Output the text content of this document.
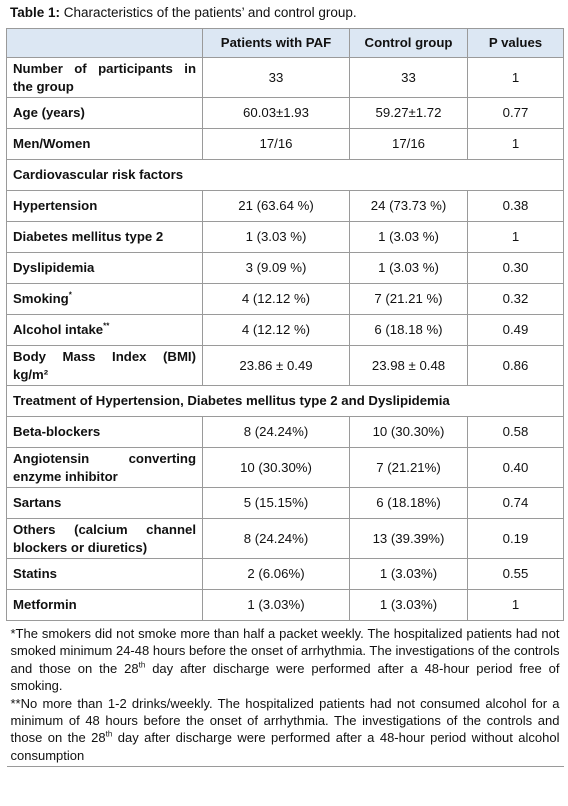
Table 1: Characteristics of the patients’ and control group.
	Patients with PAF	Control group	P values
Number of participants in the group	33	33	1
Age (years)	60.03±1.93	59.27±1.72	0.77
Men/Women	17/16	17/16	1
Cardiovascular risk factors			
Hypertension	21 (63.64 %)	24 (73.73 %)	0.38
Diabetes mellitus type 2	1 (3.03 %)	1 (3.03 %)	1
Dyslipidemia	3 (9.09 %)	1 (3.03 %)	0.30
Smoking*	4 (12.12 %)	7 (21.21 %)	0.32
Alcohol intake**	4 (12.12 %)	6 (18.18 %)	0.49
Body Mass Index (BMI) kg/m²	23.86 ± 0.49	23.98 ± 0.48	0.86
Treatment of Hypertension, Diabetes mellitus type 2 and Dyslipidemia			
Beta-blockers	8 (24.24%)	10 (30.30%)	0.58
Angiotensin converting enzyme inhibitor	10 (30.30%)	7 (21.21%)	0.40
Sartans	5 (15.15%)	6 (18.18%)	0.74
Others (calcium channel blockers or diuretics)	8 (24.24%)	13 (39.39%)	0.19
Statins	2 (6.06%)	1 (3.03%)	0.55
Metformin	1 (3.03%)	1 (3.03%)	1

*The smokers did not smoke more than half a packet weekly. The hospitalized patients had not smoked minimum 24-48 hours before the onset of arrhythmia. The investigations of the controls and those on the 28th day after discharge were performed after a 48-hour period free of smoking.

**No more than 1-2 drinks/weekly. The hospitalized patients had not consumed alcohol for a minimum of 48 hours before the onset of arrhythmia. The investigations of the controls and those on the 28th day after discharge were performed after a 48-hour period without alcohol consumption			
